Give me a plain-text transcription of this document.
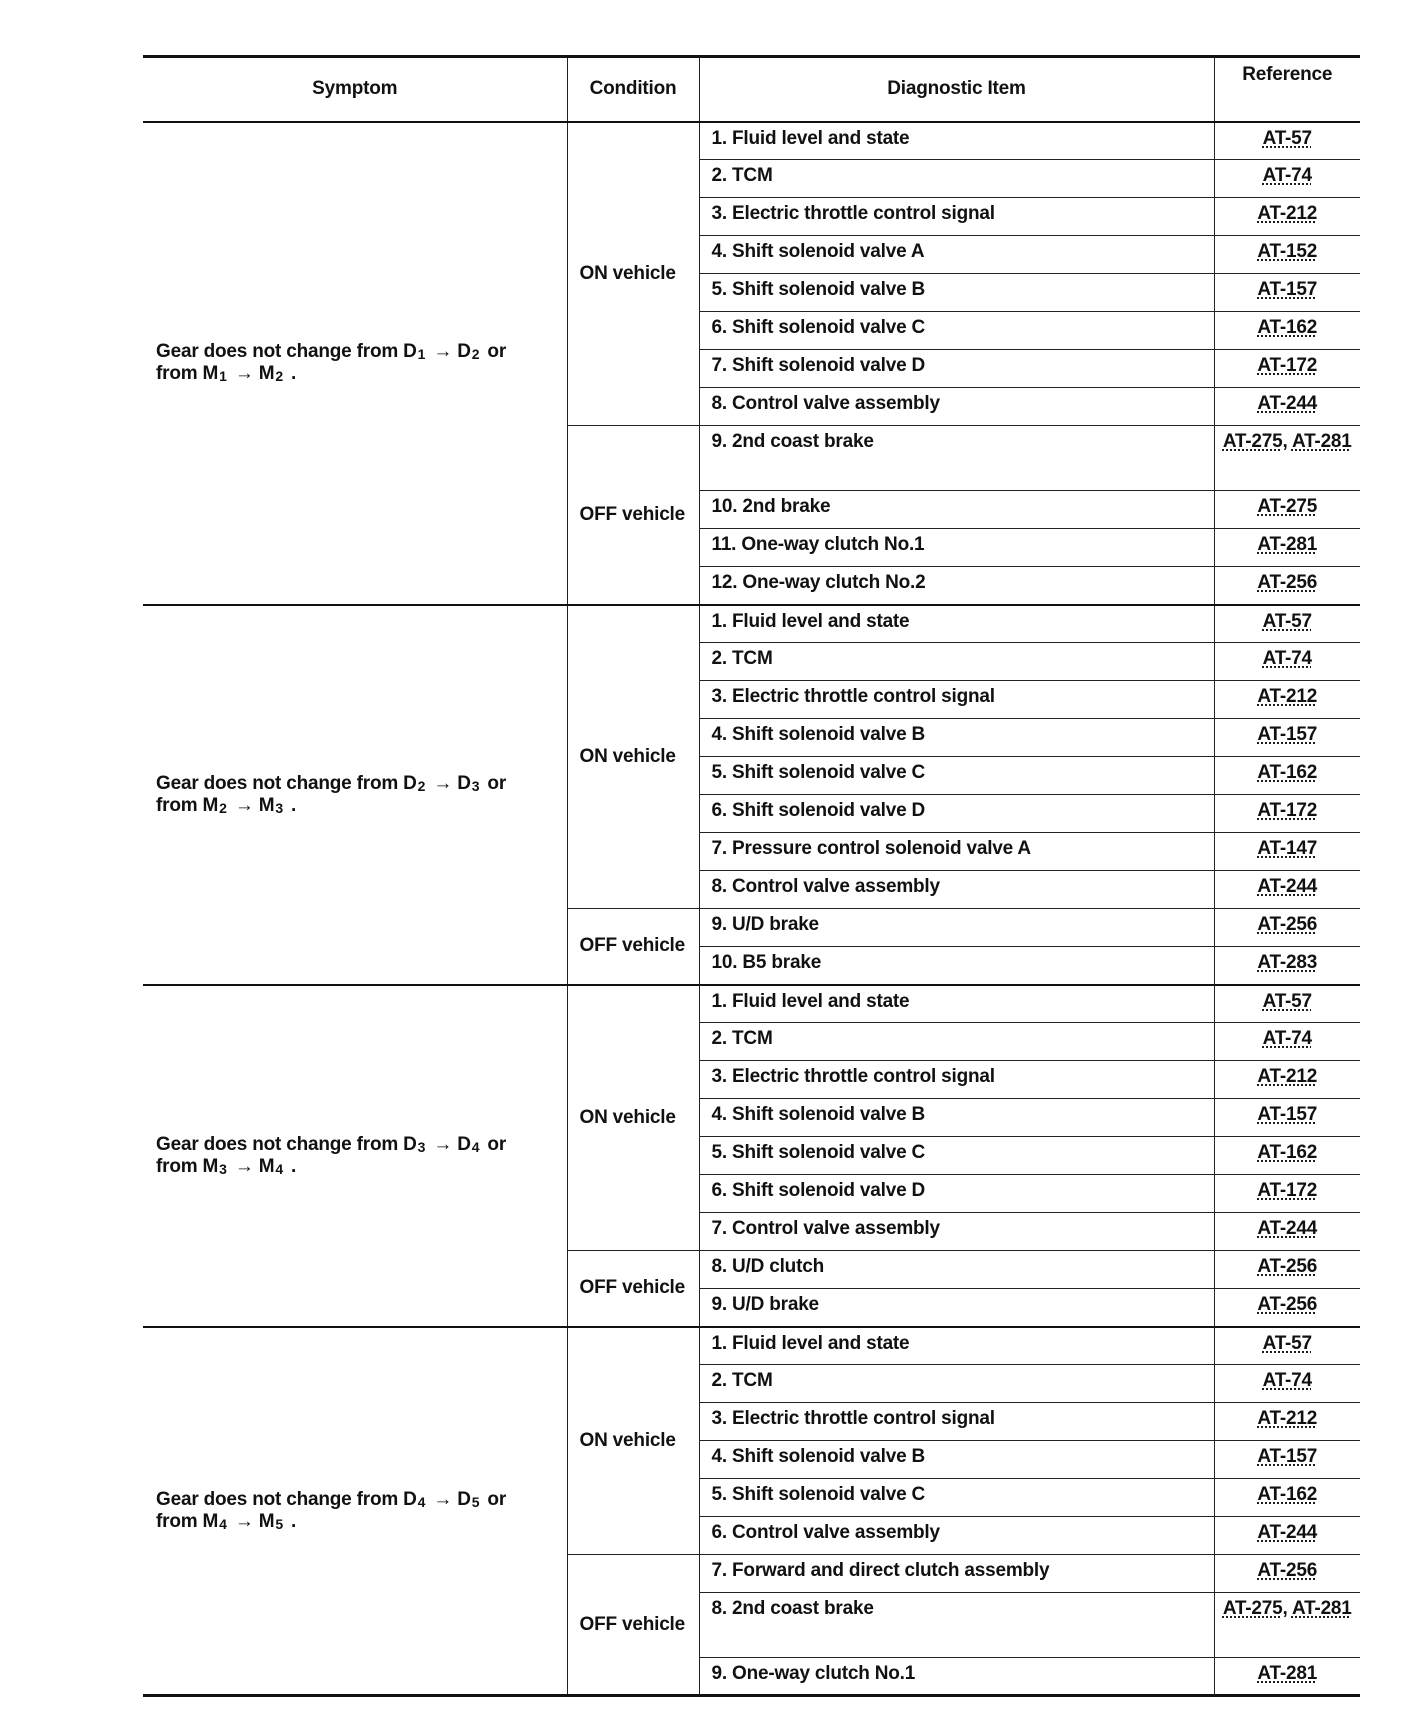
Symptom	Condition	Diagnostic Item	Reference
Gear does not change from $D_1 \to D_2$ or
from $M_1 \to M_2$ .	ON vehicle	1. Fluid level and state	AT-57
		2. TCM	AT-74
		3. Electric throttle control signal	AT-212
		4. Shift solenoid valve A	AT-152
		5. Shift solenoid valve B	AT-157
		6. Shift solenoid valve C	AT-162
		7. Shift solenoid valve D	AT-172
		8. Control valve assembly	AT-244
	OFF vehicle	9. 2nd coast brake	AT-275, AT-281
		10. 2nd brake	AT-275
		11. One-way clutch No.1	AT-281
		12. One-way clutch No.2	AT-256
Gear does not change from $D_2 \to D_3$ or
from $M_2 \to M_3$ .	ON vehicle	1. Fluid level and state	AT-57
		2. TCM	AT-74
		3. Electric throttle control signal	AT-212
		4. Shift solenoid valve B	AT-157
		5. Shift solenoid valve C	AT-162
		6. Shift solenoid valve D	AT-172
		7. Pressure control solenoid valve A	AT-147
		8. Control valve assembly	AT-244
	OFF vehicle	9. U/D brake	AT-256
		10. B5 brake	AT-283
Gear does not change from $D_3 \to D_4$ or
from $M_3 \to M_4$ .	ON vehicle	1. Fluid level and state	AT-57
		2. TCM	AT-74
		3. Electric throttle control signal	AT-212
		4. Shift solenoid valve B	AT-157
		5. Shift solenoid valve C	AT-162
		6. Shift solenoid valve D	AT-172
		7. Control valve assembly	AT-244
	OFF vehicle	8. U/D clutch	AT-256
		9. U/D brake	AT-256
Gear does not change from $D_4 \to D_5$ or
from $M_4 \to M_5$ .	ON vehicle	1. Fluid level and state	AT-57
		2. TCM	AT-74
		3. Electric throttle control signal	AT-212
		4. Shift solenoid valve B	AT-157
		5. Shift solenoid valve C	AT-162
		6. Control valve assembly	AT-244
	OFF vehicle	7. Forward and direct clutch assembly	AT-256
		8. 2nd coast brake	AT-275, AT-281
		9. One-way clutch No.1	AT-281
